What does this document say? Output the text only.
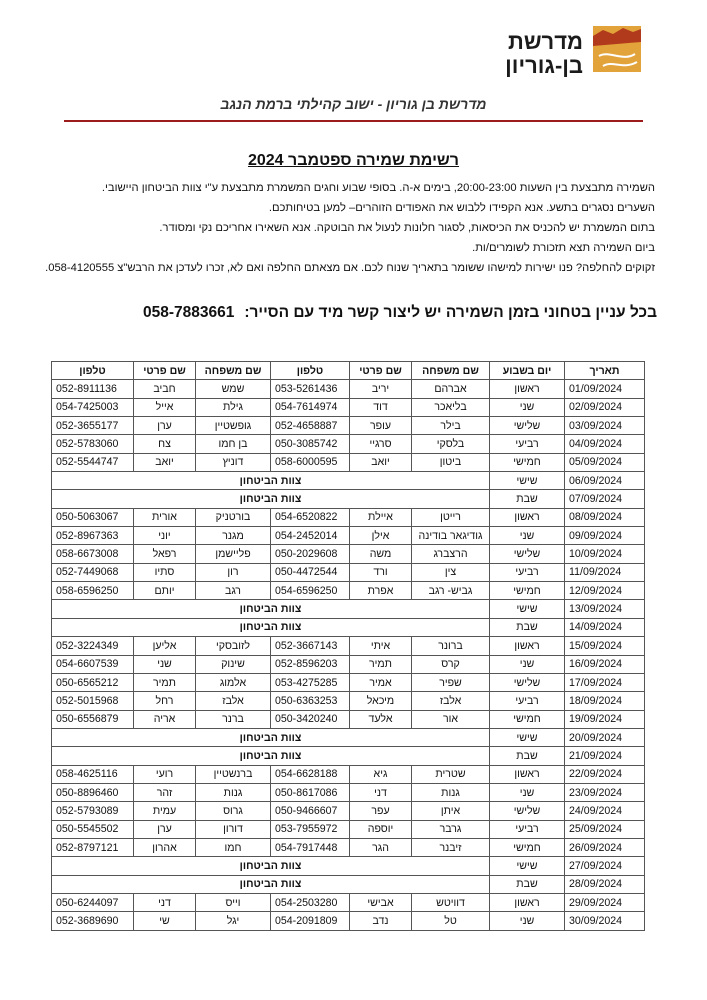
מדרשת
בן-גוריון
מדרשת בן גוריון - ישוב קהילתי ברמת הנגב
רשימת שמירה ספטמבר 2024

השמירה מתבצעת בין השעות 20:00-23:00, בימים א-ה. בסופי שבוע וחגים המשמרת מתבצעת ע"י צוות הביטחון היישובי.

השערים נסגרים בתשע. אנא הקפידו ללבוש את האפודים הזוהרים– למען בטיחותכם.

בתום המשמרת יש להכניס את הכיסאות, לסגור חלונות לנעול את הבוטקה. אנא השאירו אחריכם נקי ומסודר.

ביום השמירה תצא תזכורת לשומרים/ות.

זקוקים להחלפה? פנו ישירות למישהו ששומר בתאריך שנוח לכם. אם מצאתם החלפה ואם לא, זכרו לעדכן את הרבש"צ 058-4120555.

בכל עניין בטחוני בזמן השמירה יש ליצור קשר מיד עם הסייר:058-7883661
תאריך	יום בשבוע	שם משפחה	שם פרטי	טלפון	שם משפחה	שם פרטי	טלפון
01/09/2024	ראשון	אברהם	יריב	053-5261436	שמש	חביב	052-8911136
02/09/2024	שני	בליאכר	דוד	054-7614974	גילת	אייל	054-7425003
03/09/2024	שלישי	בילר	עופר	052-4658887	גופשטיין	ערן	052-3655177
04/09/2024	רביעי	בלסקי	סרגיי	050-3085742	בן חמו	צח	052-5783060
05/09/2024	חמישי	ביטון	יואב	058-6000595	דוניץ	יואב	052-5544747
06/09/2024	שישי	צוות הביטחון					
07/09/2024	שבת	צוות הביטחון					
08/09/2024	ראשון	רייטן	איילת	054-6520822	בורטניק	אורית	050-5063067
09/09/2024	שני	גודיגאר בודינה	אילן	054-2452014	מגנר	יוני	052-8967363
10/09/2024	שלישי	הרצברג	משה	050-2029608	פליישמן	רפאל	058-6673008
11/09/2024	רביעי	צין	ורד	050-4472544	רון	סתיו	052-7449068
12/09/2024	חמישי	גביש- רגב	אפרת	054-6596250	רגב	יותם	058-6596250
13/09/2024	שישי	צוות הביטחון					
14/09/2024	שבת	צוות הביטחון					
15/09/2024	ראשון	ברונר	איתי	052-3667143	לזובסקי	אליען	052-3224349
16/09/2024	שני	קרס	תמיר	052-8596203	שינוק	שני	054-6607539
17/09/2024	שלישי	שפיר	אמיר	053-4275285	אלמוג	תמיר	050-6565212
18/09/2024	רביעי	אלבז	מיכאל	050-6363253	אלבז	רחל	052-5015968
19/09/2024	חמישי	אור	אלעד	050-3420240	ברנר	אריה	050-6556879
20/09/2024	שישי	צוות הביטחון					
21/09/2024	שבת	צוות הביטחון					
22/09/2024	ראשון	שטרית	גיא	054-6628188	ברנשטיין	רועי	058-4625116
23/09/2024	שני	גנות	דני	050-8617086	גנות	זהר	050-8896460
24/09/2024	שלישי	איתן	עפר	050-9466607	גרוס	עמית	052-5793089
25/09/2024	רביעי	גרבר	יוספה	053-7955972	דורון	ערן	050-5545502
26/09/2024	חמישי	זיבנר	הגר	054-7917448	חמו	אהרון	052-8797121
27/09/2024	שישי	צוות הביטחון					
28/09/2024	שבת	צוות הביטחון					
29/09/2024	ראשון	דוויטש	אבישי	054-2503280	וייס	דני	050-6244097
30/09/2024	שני	טל	נדב	054-2091809	יגל	שי	052-3689690
